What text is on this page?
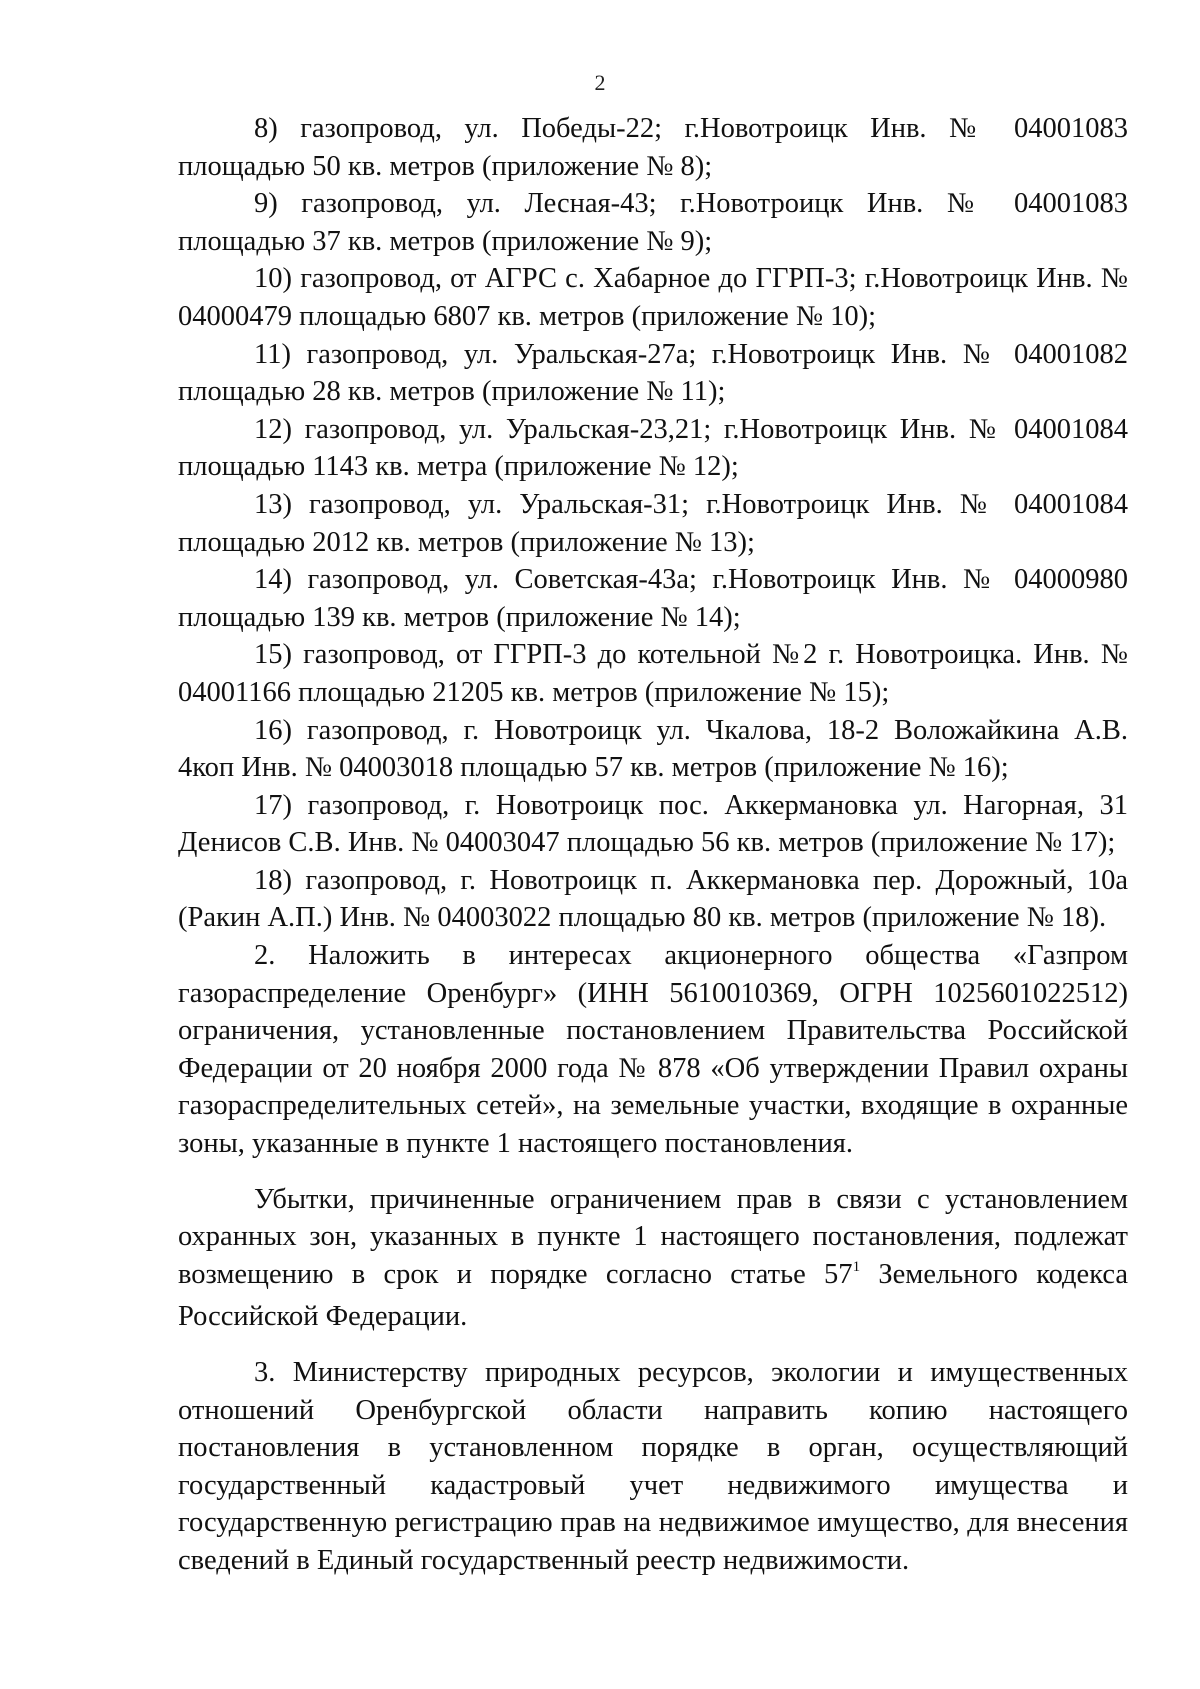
2

8) газопровод, ул. Победы-22; г.Новотроицк Инв. № 04001083 площадью 50 кв. метров (приложение № 8);

9) газопровод, ул. Лесная-43; г.Новотроицк Инв. № 04001083 площадью 37 кв. метров (приложение № 9);

10) газопровод, от АГРС с. Хабарное до ГГРП-3; г.Новотроицк Инв. № 04000479 площадью 6807 кв. метров (приложение № 10);

11) газопровод, ул. Уральская-27а; г.Новотроицк Инв. № 04001082 площадью 28 кв. метров (приложение № 11);

12) газопровод, ул. Уральская-23,21; г.Новотроицк Инв. № 04001084 площадью 1143 кв. метра (приложение № 12);

13) газопровод, ул. Уральская-31; г.Новотроицк Инв. № 04001084 площадью 2012 кв. метров (приложение № 13);

14) газопровод, ул. Советская-43а; г.Новотроицк Инв. № 04000980 площадью 139 кв. метров (приложение № 14);

15) газопровод, от ГГРП-3 до котельной №2 г. Новотроицка. Инв. № 04001166 площадью 21205 кв. метров (приложение № 15);

16) газопровод, г. Новотроицк ул. Чкалова, 18-2 Воложайкина А.В. 4коп Инв. № 04003018 площадью 57 кв. метров (приложение № 16);

17) газопровод, г. Новотроицк пос. Аккермановка ул. Нагорная, 31 Денисов С.В. Инв. № 04003047 площадью 56 кв. метров (приложение № 17);

18) газопровод, г. Новотроицк п. Аккермановка пер. Дорожный, 10а (Ракин А.П.) Инв. № 04003022 площадью 80 кв. метров (приложение № 18).

2. Наложить в интересах акционерного общества «Газпром газораспределение Оренбург» (ИНН 5610010369, ОГРН 1025601022512) ограничения, установленные постановлением Правительства Российской Федерации от 20 ноября 2000 года № 878 «Об утверждении Правил охраны газораспределительных сетей», на земельные участки, входящие в охранные зоны, указанные в пункте 1 настоящего постановления.

Убытки, причиненные ограничением прав в связи с установлением охранных зон, указанных в пункте 1 настоящего постановления, подлежат возмещению в срок и порядке согласно статье $57^1$ Земельного кодекса Российской Федерации.

3. Министерству природных ресурсов, экологии и имущественных отношений Оренбургской области направить копию настоящего постановления в установленном порядке в орган, осуществляющий государственный кадастровый учет недвижимого имущества и государственную регистрацию прав на недвижимое имущество, для внесения сведений в Единый государственный реестр недвижимости.
